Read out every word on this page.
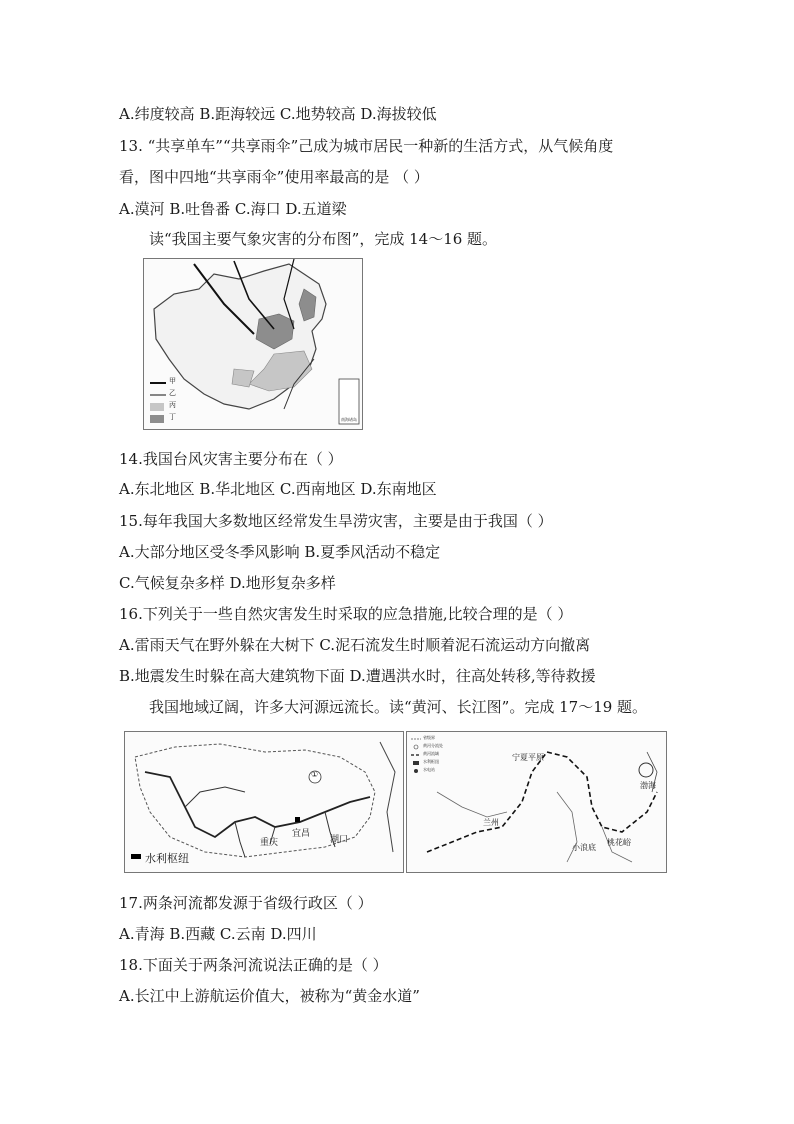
A.纬度较高 B.距海较远 C.地势较高 D.海拔较低
13. “共享单车”“共享雨伞”己成为城市居民一种新的生活方式，从气候角度
看，图中四地“共享雨伞”使用率最高的是 （ ）
A.漠河 B.吐鲁番 C.海口 D.五道梁
读“我国主要气象灾害的分布图”，完成 14～16 题。
甲
乙
丙
丁	南海诸岛
14.我国台风灾害主要分布在（ ）
A.东北地区 B.华北地区 C.西南地区 D.东南地区
15.每年我国大多数地区经常发生旱涝灾害，主要是由于我国（ ）
A.大部分地区受冬季风影响 B.夏季风活动不稳定
C.气候复杂多样 D.地形复杂多样
16.下列关于一些自然灾害发生时采取的应急措施,比较合理的是（ ）
A.雷雨天气在野外躲在大树下 C.泥石流发生时顺着泥石流运动方向撤离
B.地震发生时躲在高大建筑物下面 D.遭遇洪水时，往高处转移,等待救援
我国地域辽阔，许多大河源远流长。读“黄河、长江图”。完成 17～19 题。
宜昌
重庆	湖口
①
水利枢纽
省级界
黄河分流处
黄河流域
水利枢纽
水电站
宁夏平原
兰州
渤海
小浪底
桃花峪
17.两条河流都发源于省级行政区（ ）
A.青海 B.西藏 C.云南 D.四川
18.下面关于两条河流说法正确的是（ ）
A.长江中上游航运价值大，被称为“黄金水道”
